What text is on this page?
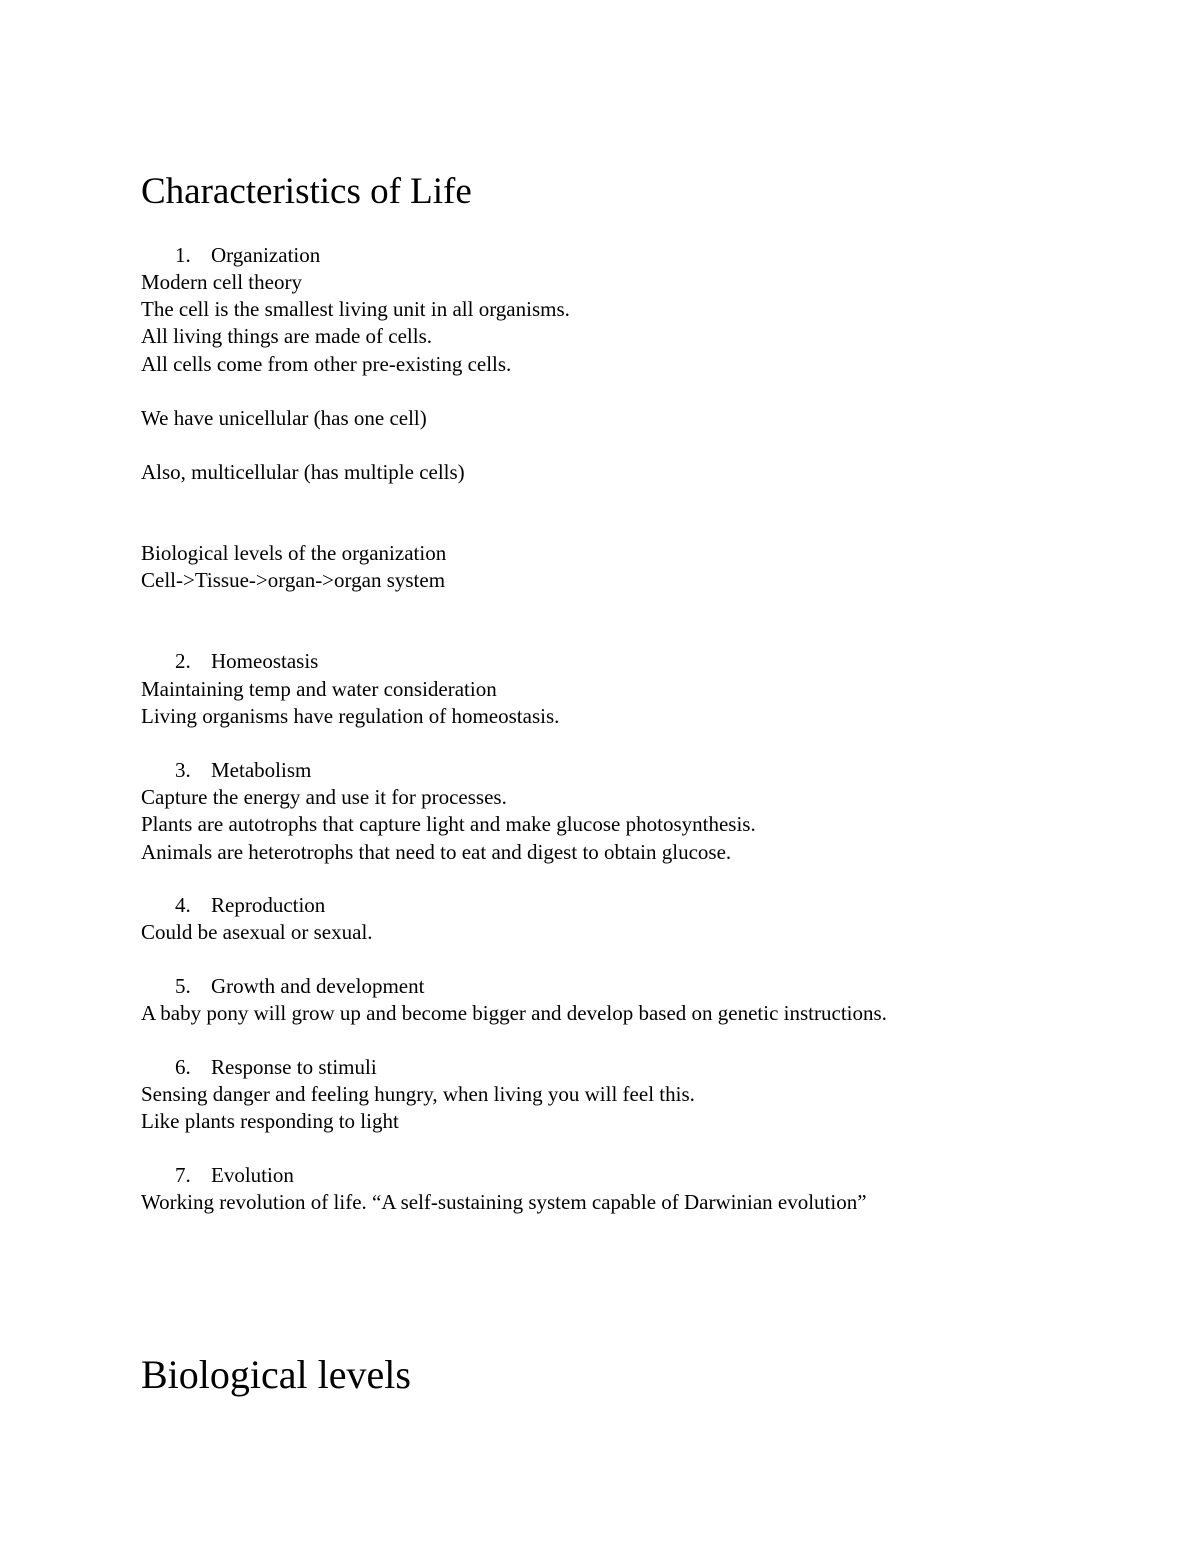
Characteristics of Life
1. Organization

Modern cell theory

The cell is the smallest living unit in all organisms.

All living things are made of cells.

All cells come from other pre-existing cells.

We have unicellular (has one cell)

Also, multicellular (has multiple cells)

Biological levels of the organization

Cell->Tissue->organ->organ system

2. Homeostasis

Maintaining temp and water consideration

Living organisms have regulation of homeostasis.

3. Metabolism

Capture the energy and use it for processes.

Plants are autotrophs that capture light and make glucose photosynthesis.

Animals are heterotrophs that need to eat and digest to obtain glucose.

4. Reproduction

Could be asexual or sexual.

5. Growth and development

A baby pony will grow up and become bigger and develop based on genetic instructions.

6. Response to stimuli

Sensing danger and feeling hungry, when living you will feel this.

Like plants responding to light

7. Evolution

Working revolution of life. “A self-sustaining system capable of Darwinian evolution”

Biological levels
